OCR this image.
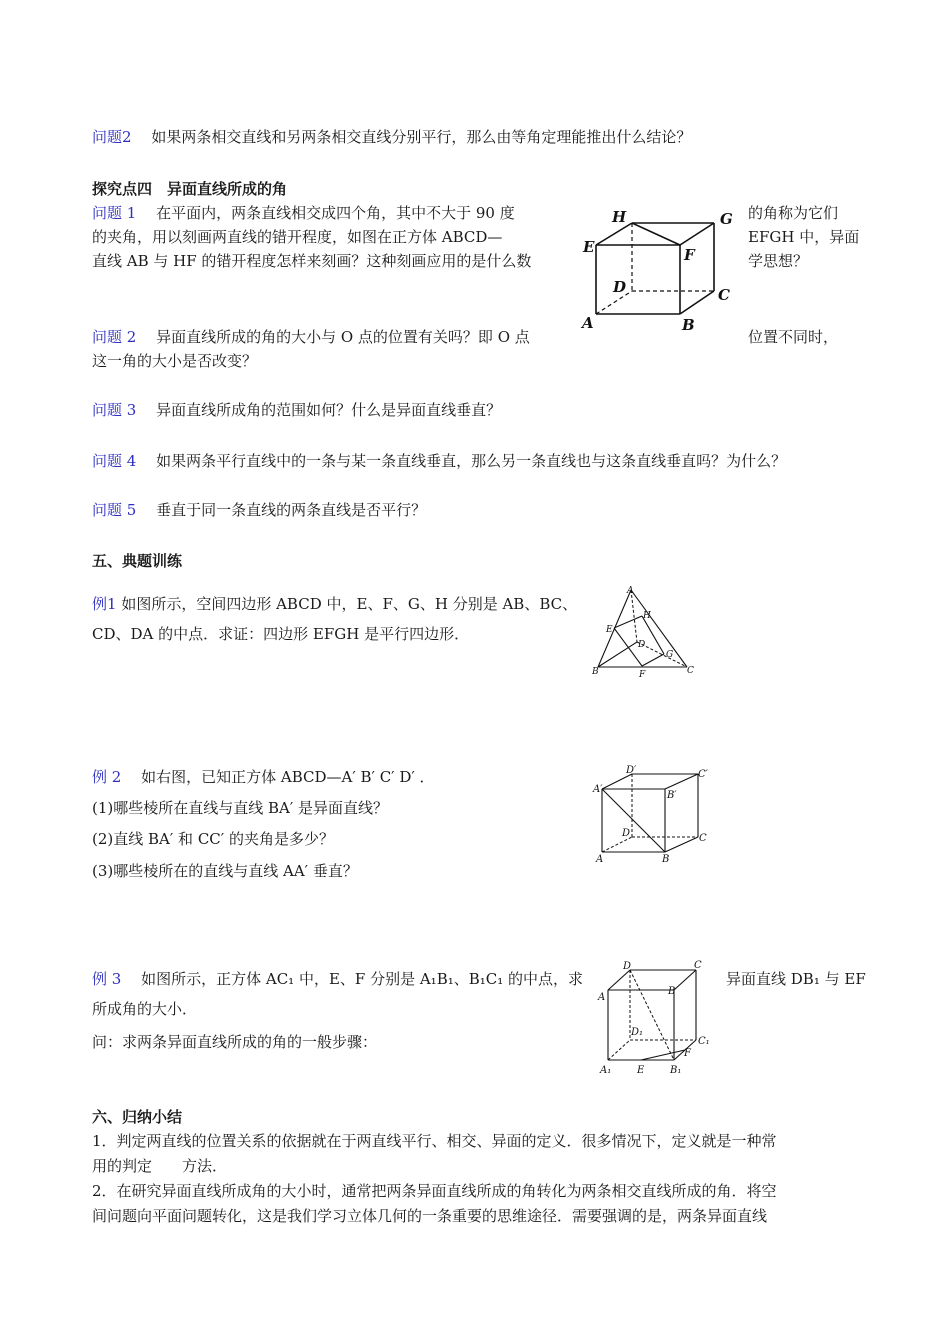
问题2　 如果两条相交直线和另两条相交直线分别平行，那么由等角定理能推出什么结论？
探究点四　异面直线所成的角
问题 1　 在平面内，两条直线相交成四个角，其中不大于 90 度	的角称为它们
的夹角，用以刻画两直线的错开程度，如图在正方体 ABCD—	EFGH 中，异面
直线 AB 与 HF 的错开程度怎样来刻画？这种刻画应用的是什么数	学思想？
H	G
E	F
D	C
A	B
问题 2　 异面直线所成的角的大小与 O 点的位置有关吗？即 O 点	位置不同时，
这一角的大小是否改变？
问题 3　 异面直线所成角的范围如何？什么是异面直线垂直？
问题 4　 如果两条平行直线中的一条与某一条直线垂直，那么另一条直线也与这条直线垂直吗？为什么？
问题 5　 垂直于同一条直线的两条直线是否平行？
五、典题训练
例1 如图所示，空间四边形 ABCD 中，E、F、G、H 分别是 AB、BC、
CD、DA 的中点．求证：四边形 EFGH 是平行四边形．
A
H
E
D
G
B	F	C
例 2　 如右图，已知正方体 ABCD—A′ B′ C′ D′ ．
(1)哪些棱所在直线与直线 BA′ 是异面直线？
(2)直线 BA′ 和 CC′ 的夹角是多少？
(3)哪些棱所在的直线与直线 AA′ 垂直？
D′	C′
A′
B′
D	C
A	B
例 3　 如图所示，正方体 AC₁ 中，E、F 分别是 A₁B₁、B₁C₁ 的中点，求	异面直线 DB₁ 与 EF
所成角的大小．
问：求两条异面直线所成的角的一般步骤：
D	C
A
B
D₁
C₁
F
A₁	E	B₁
六、归纳小结
1．判定两直线的位置关系的依据就在于两直线平行、相交、异面的定义．很多情况下，定义就是一种常
用的判定　　方法．
2．在研究异面直线所成角的大小时，通常把两条异面直线所成的角转化为两条相交直线所成的角．将空
间问题向平面问题转化，这是我们学习立体几何的一条重要的思维途径．需要强调的是，两条异面直线
